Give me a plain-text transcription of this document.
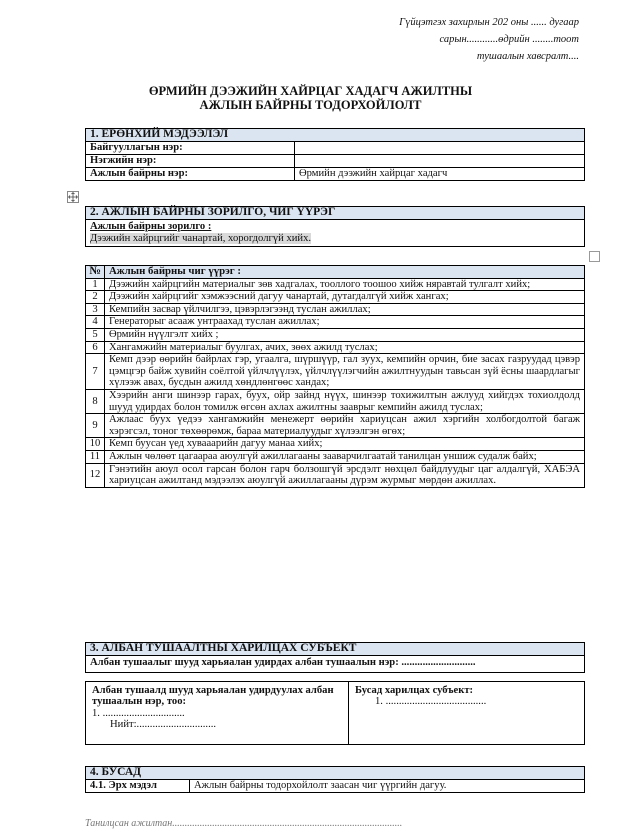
Гүйцэтгэх захирлын 202 оны ...... дугаар
сарын............өдрийн ........тоот
тушаалын хавсралт....
ӨРМИЙН ДЭЭЖИЙН ХАЙРЦАГ ХАДАГЧ АЖИЛТНЫ
АЖЛЫН БАЙРНЫ ТОДОРХОЙЛОЛТ
1. ЕРӨНХИЙ МЭДЭЭЛЭЛ	
Байгууллагын нэр:	
Нэгжийн нэр:	
Ажлын байрны нэр:	Өрмийн дээжийн хайрцаг хадагч
2. АЖЛЫН БАЙРНЫ ЗОРИЛГО, ЧИГ ҮҮРЭГ

Ажлын байрны зорилго :
Дээжийн хайрцгийг чанартай, хорогдолгүй хийх.
№	Ажлын байрны чиг үүрэг :
1	Дээжийн хайрцгийн материалыг зөв хадгалах, тооллого тоошоо хийж няравтай тулгалт хийх;
2	Дээжийн хайрцгийг хэмжээсний дагуу чанартай, дутагдалгүй хийж хангах;
3	Кемпийн засвар үйлчилгээ, цэвэрлэгээнд туслан ажиллах;
4	Генераторыг асааж унтраахад туслан ажиллах;
5	Өрмийн нүүлгэлт хийх ;
6	Хангамжийн материалыг буулгах, ачих, зөөх ажилд туслах;
7	Кемп дээр өөрийн байрлах гэр, угаалга, шүршүүр, гал зуух, кемпийн орчин, бие засах газруудад цэвэр цэмцгэр байж хувийн соёлтой үйлчлүүлэх, үйлчлүүлэгчийн ажилтнуудын тавьсан зүй ёсны шаардлагыг хүлээж авах, бусдын ажилд хөндлөнгөөс хандах;
8	Хээрийн анги шинээр гарах, бууx, ойр зайнд нүүх, шинээр тохижилтын ажлууд хийгдэх тохиолдолд шууд удирдах болон томилж өгсөн ахлах ажилтны зааврыг кемпийн ажилд туслах;
9	Ажлаас буух үедээ хангамжийн менежерт өөрийн хариуцсан ажил хэргийн холбогдолтой багаж хэрэгсэл, тоног төхөөрөмж, бараа материалуудыг хүлээлгэн өгөх;
10	Кемп буусан үед хувааарийн дагуу манаа хийх;
11	Ажлын чөлөөт цагаараа аюулгүй ажиллагааны зааварчилгаатай танилцан уншиж судалж байх;
12	Гэнэтийн аюул осол гарсан болон гарч болзошгүй эрсдэлт нөхцөл байдлуудыг цаг алдалгүй, ХАБЭА хариуцсан ажилтанд мэдээлэх аюулгүй ажиллагааны дүрэм журмыг мөрдөн ажиллах.
3. АЛБАН ТУШААЛТНЫ ХАРИЛЦАХ СУБЪЕКТ
Албан тушаалыг шууд харьяалан удирдах албан тушаалын нэр: ............................

Албан тушаалд шууд харьяалан удирдуулах албан тушаалын нэр, тоо:
1. ...............................
Нийт:..............................

Бусад харилцах субъект:
1. ......................................
4. БУСАД
4.1. Эрх мэдэл	Ажлын байрны тодорхойлолт заасан чиг үүргийн дагуу.
Танилцсан ажилтан............................................................................................
